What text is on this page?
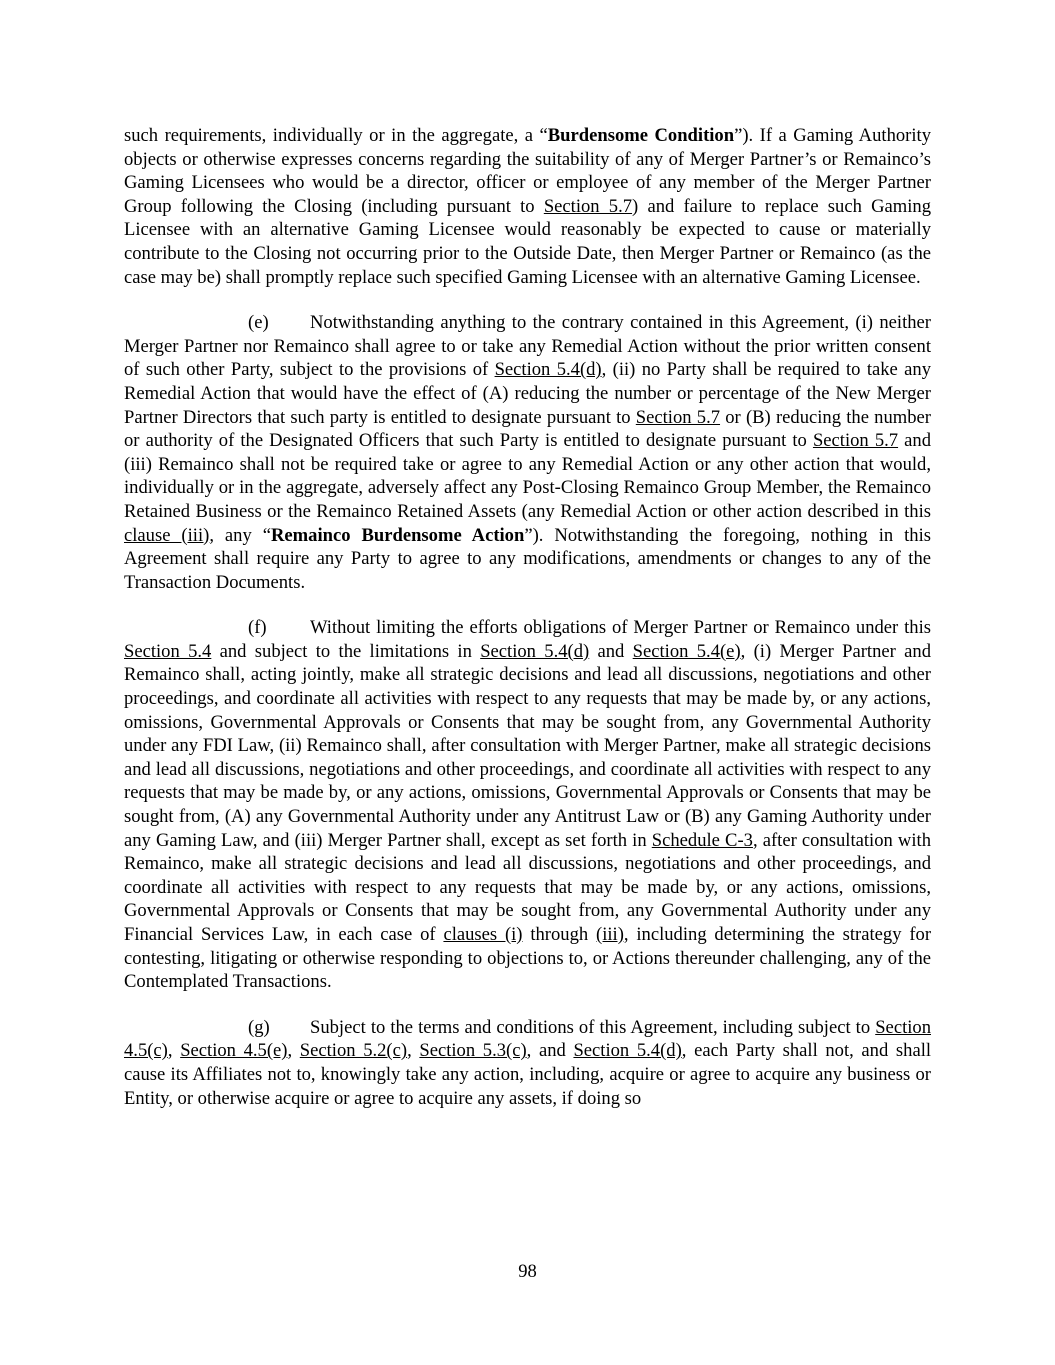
such requirements, individually or in the aggregate, a “Burdensome Condition”). If a Gaming Authority objects or otherwise expresses concerns regarding the suitability of any of Merger Partner’s or Remainco’s Gaming Licensees who would be a director, officer or employee of any member of the Merger Partner Group following the Closing (including pursuant to Section 5.7) and failure to replace such Gaming Licensee with an alternative Gaming Licensee would reasonably be expected to cause or materially contribute to the Closing not occurring prior to the Outside Date, then Merger Partner or Remainco (as the case may be) shall promptly replace such specified Gaming Licensee with an alternative Gaming Licensee.

(e) Notwithstanding anything to the contrary contained in this Agreement, (i) neither Merger Partner nor Remainco shall agree to or take any Remedial Action without the prior written consent of such other Party, subject to the provisions of Section 5.4(d), (ii) no Party shall be required to take any Remedial Action that would have the effect of (A) reducing the number or percentage of the New Merger Partner Directors that such party is entitled to designate pursuant to Section 5.7 or (B) reducing the number or authority of the Designated Officers that such Party is entitled to designate pursuant to Section 5.7 and (iii) Remainco shall not be required take or agree to any Remedial Action or any other action that would, individually or in the aggregate, adversely affect any Post-Closing Remainco Group Member, the Remainco Retained Business or the Remainco Retained Assets (any Remedial Action or other action described in this clause (iii), any “Remainco Burdensome Action”). Notwithstanding the foregoing, nothing in this Agreement shall require any Party to agree to any modifications, amendments or changes to any of the Transaction Documents.

(f) Without limiting the efforts obligations of Merger Partner or Remainco under this Section 5.4 and subject to the limitations in Section 5.4(d) and Section 5.4(e), (i) Merger Partner and Remainco shall, acting jointly, make all strategic decisions and lead all discussions, negotiations and other proceedings, and coordinate all activities with respect to any requests that may be made by, or any actions, omissions, Governmental Approvals or Consents that may be sought from, any Governmental Authority under any FDI Law, (ii) Remainco shall, after consultation with Merger Partner, make all strategic decisions and lead all discussions, negotiations and other proceedings, and coordinate all activities with respect to any requests that may be made by, or any actions, omissions, Governmental Approvals or Consents that may be sought from, (A) any Governmental Authority under any Antitrust Law or (B) any Gaming Authority under any Gaming Law, and (iii) Merger Partner shall, except as set forth in Schedule C-3, after consultation with Remainco, make all strategic decisions and lead all discussions, negotiations and other proceedings, and coordinate all activities with respect to any requests that may be made by, or any actions, omissions, Governmental Approvals or Consents that may be sought from, any Governmental Authority under any Financial Services Law, in each case of clauses (i) through (iii), including determining the strategy for contesting, litigating or otherwise responding to objections to, or Actions thereunder challenging, any of the Contemplated Transactions.

(g) Subject to the terms and conditions of this Agreement, including subject to Section 4.5(c), Section 4.5(e), Section 5.2(c), Section 5.3(c), and Section 5.4(d), each Party shall not, and shall cause its Affiliates not to, knowingly take any action, including, acquire or agree to acquire any business or Entity, or otherwise acquire or agree to acquire any assets, if doing so

98
